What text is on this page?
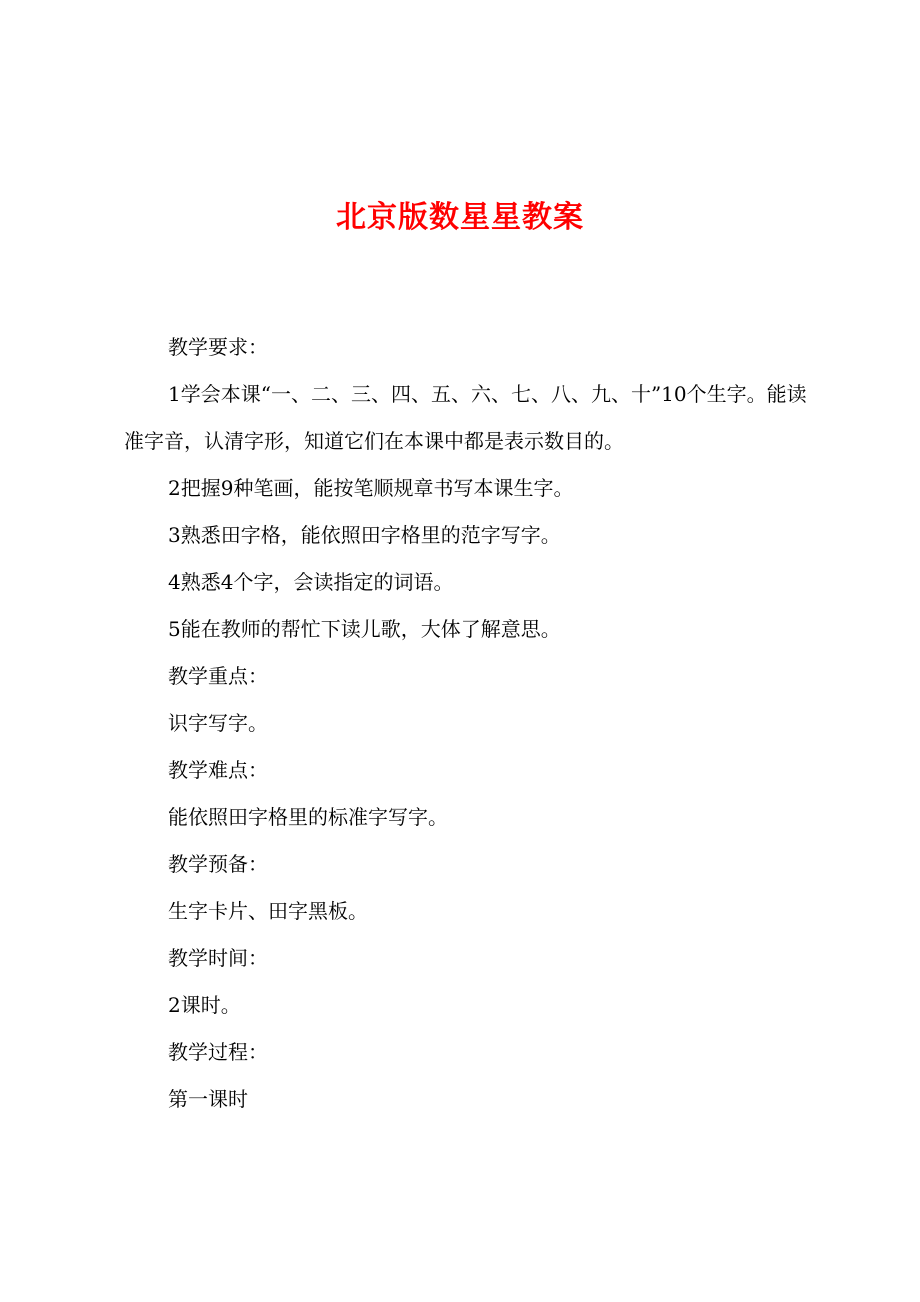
北京版数星星教案

教学要求：

1学会本课“一、二、三、四、五、六、七、八、九、十”10个生字。能读准字音，认清字形，知道它们在本课中都是表示数目的。

2把握9种笔画，能按笔顺规章书写本课生字。

3熟悉田字格，能依照田字格里的范字写字。

4熟悉4个字，会读指定的词语。

5能在教师的帮忙下读儿歌，大体了解意思。

教学重点：

识字写字。

教学难点：

能依照田字格里的标准字写字。

教学预备：

生字卡片、田字黑板。

教学时间：

2课时。

教学过程：

第一课时
